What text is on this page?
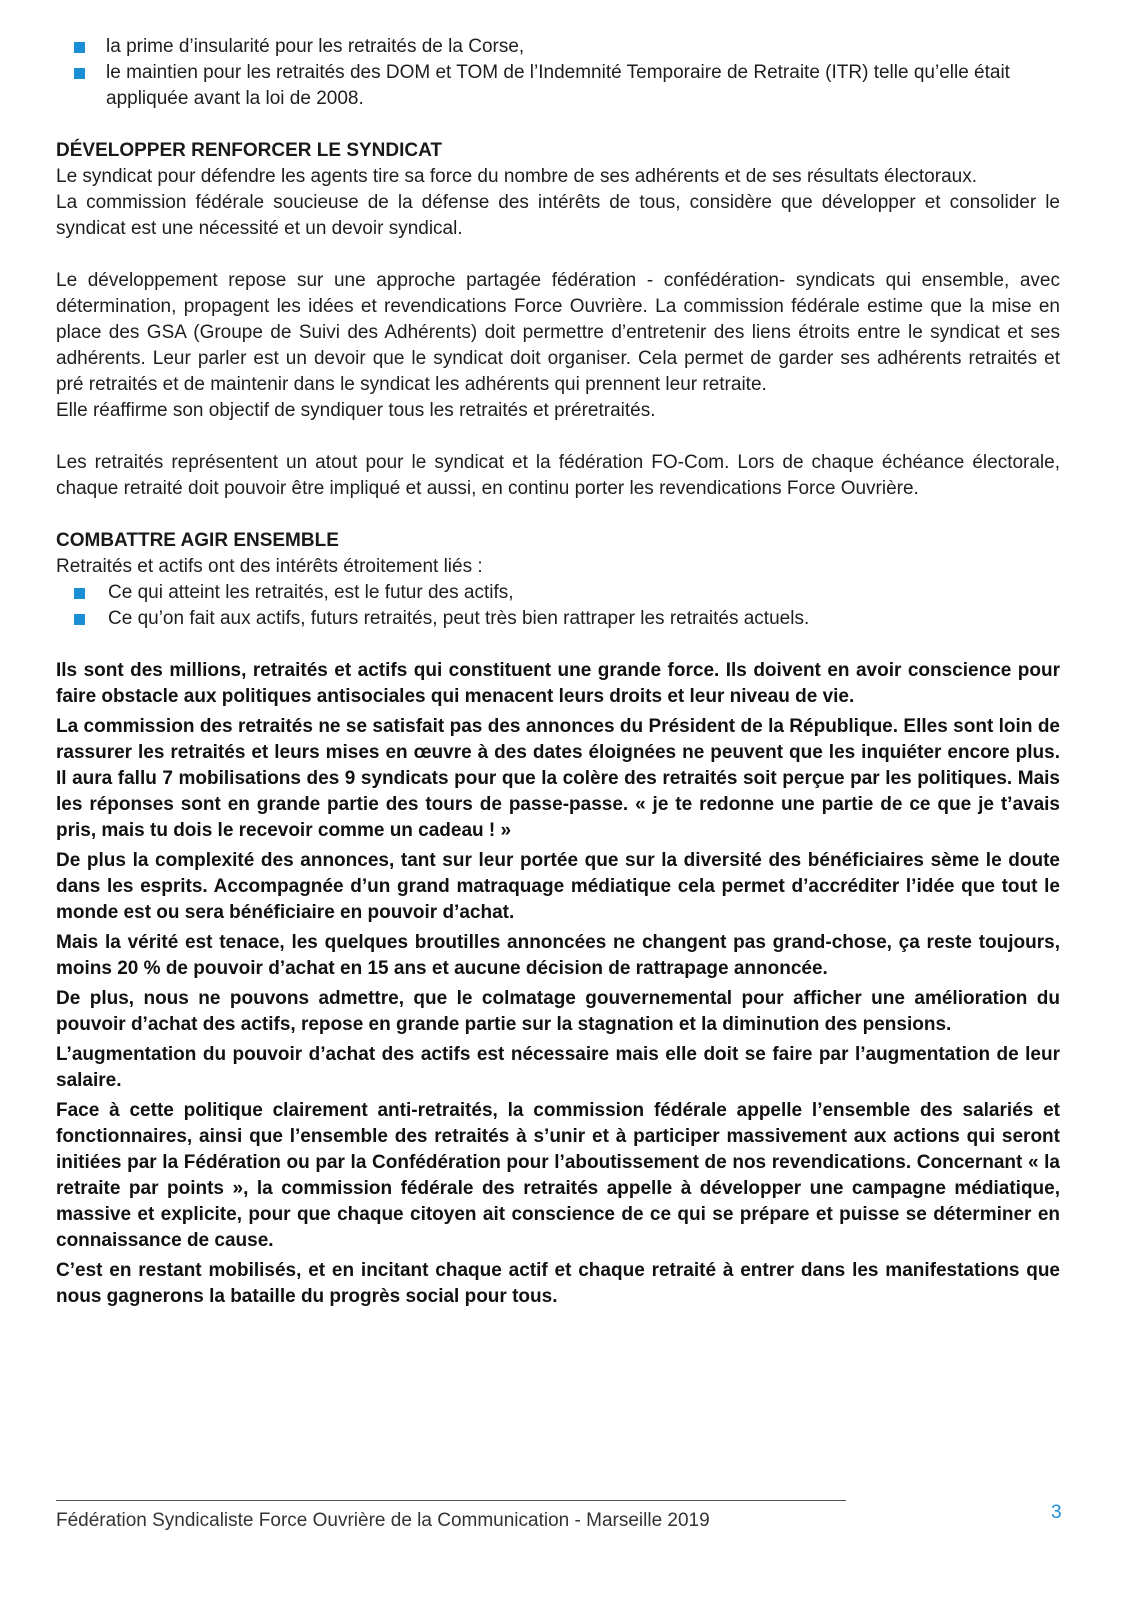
la prime d’insularité pour les retraités de la Corse,
le maintien pour les retraités des DOM et TOM de l’Indemnité Temporaire de Retraite (ITR) telle qu’elle était appliquée avant la loi de 2008.
DÉVELOPPER RENFORCER LE SYNDICAT

Le syndicat pour défendre les agents tire sa force du nombre de ses adhérents et de ses résultats électoraux.

La commission fédérale soucieuse de la défense des intérêts de tous, considère que développer et consolider le syndicat est une nécessité et un devoir syndical.

Le développement repose sur une approche partagée fédération - confédération- syndicats qui ensemble, avec détermination, propagent les idées et revendications Force Ouvrière. La commission fédérale estime que la mise en place des GSA (Groupe de Suivi des Adhérents) doit permettre d’entretenir des liens étroits entre le syndicat et ses adhérents. Leur parler est un devoir que le syndicat doit organiser. Cela permet de garder ses adhérents retraités et pré retraités et de maintenir dans le syndicat les adhérents qui prennent leur retraite.

Elle réaffirme son objectif de syndiquer tous les retraités et préretraités.

Les retraités représentent un atout pour le syndicat et la fédération FO-Com. Lors de chaque échéance électorale, chaque retraité doit pouvoir être impliqué et aussi, en continu porter les revendications Force Ouvrière.

COMBATTRE AGIR ENSEMBLE

Retraités et actifs ont des intérêts étroitement liés :

Ce qui atteint les retraités, est le futur des actifs,
Ce qu’on fait aux actifs, futurs retraités, peut très bien rattraper les retraités actuels.

Ils sont des millions, retraités et actifs qui constituent une grande force. Ils doivent en avoir conscience pour faire obstacle aux politiques antisociales qui menacent leurs droits et leur niveau de vie.

La commission des retraités ne se satisfait pas des annonces du Président de la République. Elles sont loin de rassurer les retraités et leurs mises en œuvre à des dates éloignées ne peuvent que les inquiéter encore plus. Il aura fallu 7 mobilisations des 9 syndicats pour que la colère des retraités soit perçue par les politiques. Mais les réponses sont en grande partie des tours de passe-passe. « je te redonne une partie de ce que je t’avais pris, mais tu dois le recevoir comme un cadeau ! »

De plus la complexité des annonces, tant sur leur portée que sur la diversité des bénéficiaires sème le doute dans les esprits. Accompagnée d’un grand matraquage médiatique cela permet d’accréditer l’idée que tout le monde est ou sera bénéficiaire en pouvoir d’achat.

Mais la vérité est tenace, les quelques broutilles annoncées ne changent pas grand-chose, ça reste toujours, moins 20 % de pouvoir d’achat en 15 ans et aucune décision de rattrapage annoncée.

De plus, nous ne pouvons admettre, que le colmatage gouvernemental pour afficher une amélioration du pouvoir d’achat des actifs, repose en grande partie sur la stagnation et la diminution des pensions.

L’augmentation du pouvoir d’achat des actifs est nécessaire mais elle doit se faire par l’augmentation de leur salaire.

Face à cette politique clairement anti-retraités, la commission fédérale appelle l’ensemble des salariés et fonctionnaires, ainsi que l’ensemble des retraités à s’unir et à participer massivement aux actions qui seront initiées par la Fédération ou par la Confédération pour l’aboutissement de nos revendications. Concernant « la retraite par points », la commission fédérale des retraités appelle à développer une campagne médiatique, massive et explicite, pour que chaque citoyen ait conscience de ce qui se prépare et puisse se déterminer en connaissance de cause.

C’est en restant mobilisés, et en incitant chaque actif et chaque retraité à entrer dans les manifestations que nous gagnerons la bataille du progrès social pour tous.

Fédération Syndicaliste Force Ouvrière de la Communication - Marseille 2019	3
